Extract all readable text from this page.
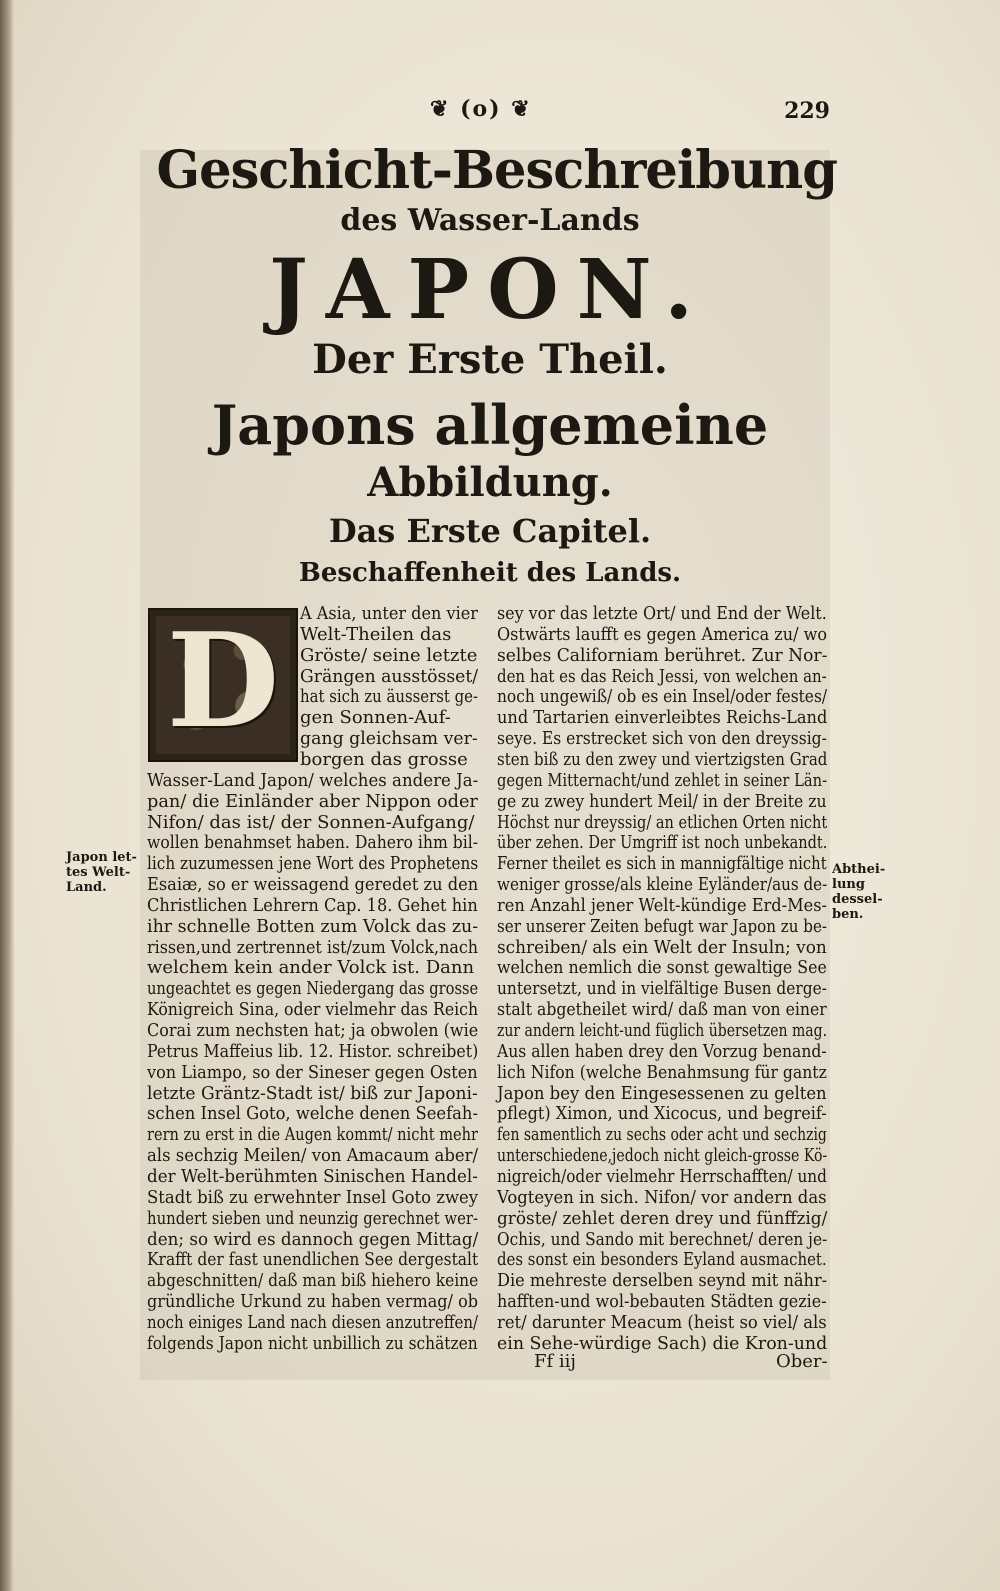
❦ (o) ❦	229
Geschicht-Beschreibung
des Wasser-Lands
JAPON.
Der Erste Theil.
Japons allgemeine
Abbildung.
Das Erste Capitel.
Beschaffenheit des Lands.
D	A Asia, unter den vier
Welt-Theilen das
Gröste/ seine letzte
Grängen ausstösset/
hat sich zu äusserst ge-
gen Sonnen-Auf-
gang gleichsam ver-
borgen das grosse
Wasser-Land Japon/ welches andere Ja-
pan/ die Einländer aber Nippon oder
Nifon/ das ist/ der Sonnen-Aufgang/
wollen benahmset haben. Dahero ihm bil-
lich zuzumessen jene Wort des Prophetens
Esaiæ, so er weissagend geredet zu den
Christlichen Lehrern Cap. 18. Gehet hin
ihr schnelle Botten zum Volck das zu-
rissen,und zertrennet ist/zum Volck,nach
welchem kein ander Volck ist. Dann
ungeachtet es gegen Niedergang das grosse
Königreich Sina, oder vielmehr das Reich
Corai zum nechsten hat; ja obwolen (wie
Petrus Maffeius lib. 12. Histor. schreibet)
von Liampo, so der Sineser gegen Osten
letzte Gräntz-Stadt ist/ biß zur Japoni-
schen Insel Goto, welche denen Seefah-
rern zu erst in die Augen kommt/ nicht mehr
als sechzig Meilen/ von Amacaum aber/
der Welt-berühmten Sinischen Handel-
Stadt biß zu erwehnter Insel Goto zwey
hundert sieben und neunzig gerechnet wer-
den; so wird es dannoch gegen Mittag/
Krafft der fast unendlichen See dergestalt
abgeschnitten/ daß man biß hiehero keine
gründliche Urkund zu haben vermag/ ob
noch einiges Land nach diesen anzutreffen/
folgends Japon nicht unbillich zu schätzen
sey vor das letzte Ort/ und End der Welt.
Ostwärts laufft es gegen America zu/ wo
selbes Californiam berühret. Zur Nor-
den hat es das Reich Jessi, von welchen an-
noch ungewiß/ ob es ein Insel/oder festes/
und Tartarien einverleibtes Reichs-Land
seye. Es erstrecket sich von den dreyssig-
sten biß zu den zwey und viertzigsten Grad
gegen Mitternacht/und zehlet in seiner Län-
ge zu zwey hundert Meil/ in der Breite zu
Höchst nur dreyssig/ an etlichen Orten nicht
über zehen. Der Umgriff ist noch unbekandt.
Ferner theilet es sich in mannigfältige nicht
weniger grosse/als kleine Eyländer/aus de-
ren Anzahl jener Welt-kündige Erd-Mes-
ser unserer Zeiten befugt war Japon zu be-
schreiben/ als ein Welt der Insuln; von
welchen nemlich die sonst gewaltige See
untersetzt, und in vielfältige Busen derge-
stalt abgetheilet wird/ daß man von einer
zur andern leicht-und füglich übersetzen mag.
Aus allen haben drey den Vorzug benand-
lich Nifon (welche Benahmsung für gantz
Japon bey den Eingesessenen zu gelten
pflegt) Ximon, und Xicocus, und begreif-
fen samentlich zu sechs oder acht und sechzig
unterschiedene,jedoch nicht gleich-grosse Kö-
nigreich/oder vielmehr Herrschafften/ und
Vogteyen in sich. Nifon/ vor andern das
gröste/ zehlet deren drey und fünffzig/
Ochis, und Sando mit berechnet/ deren je-
des sonst ein besonders Eyland ausmachet.
Die mehreste derselben seynd mit nähr-
hafften-und wol-bebauten Städten gezie-
ret/ darunter Meacum (heist so viel/ als
ein Sehe-würdige Sach) die Kron-und
Japon let-
tes Welt-
Land.
Abthei-
lung dessel-
ben.
Ff iij	Ober-
